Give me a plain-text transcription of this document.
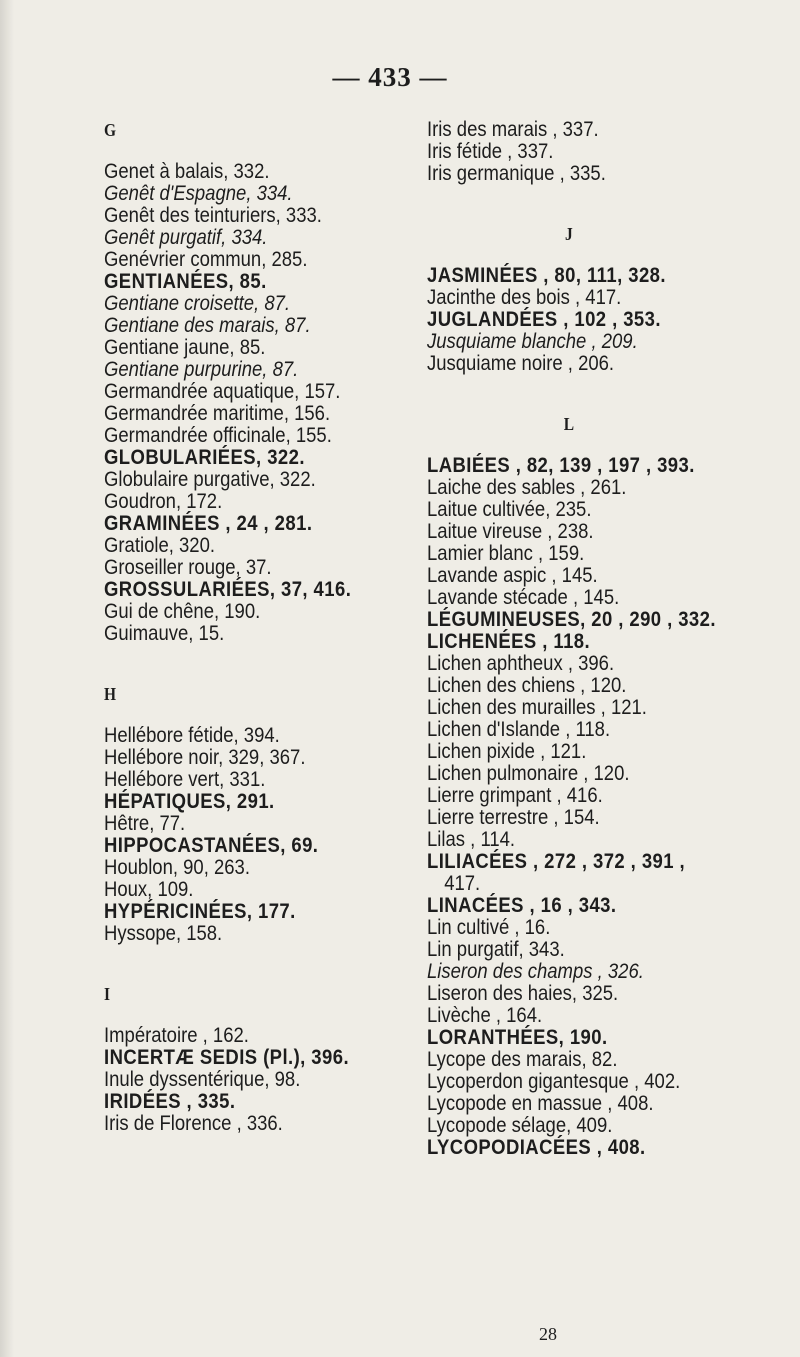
— 433 —
G
Genet à balais, 332.
Genêt d'Espagne, 334.
Genêt des teinturiers, 333.
Genêt purgatif, 334.
Genévrier commun, 285.
GENTIANÉES, 85.
Gentiane croisette, 87.
Gentiane des marais, 87.
Gentiane jaune, 85.
Gentiane purpurine, 87.
Germandrée aquatique, 157.
Germandrée maritime, 156.
Germandrée officinale, 155.
GLOBULARIÉES, 322.
Globulaire purgative, 322.
Goudron, 172.
GRAMINÉES , 24 , 281.
Gratiole, 320.
Groseiller rouge, 37.
GROSSULARIÉES, 37, 416.
Gui de chêne, 190.
Guimauve, 15.
H
Hellébore fétide, 394.
Hellébore noir, 329, 367.
Hellébore vert, 331.
HÉPATIQUES, 291.
Hêtre, 77.
HIPPOCASTANÉES, 69.
Houblon, 90, 263.
Houx, 109.
HYPÉRICINÉES, 177.
Hyssope, 158.
I
Impératoire , 162.
INCERTÆ SEDIS (Pl.), 396.
Inule dyssentérique, 98.
IRIDÉES , 335.
Iris de Florence , 336.
Iris des marais , 337.
Iris fétide , 337.
Iris germanique , 335.
J
JASMINÉES , 80, 111, 328.
Jacinthe des bois , 417.
JUGLANDÉES , 102 , 353.
Jusquiame blanche , 209.
Jusquiame noire , 206.
L
LABIÉES , 82, 139 , 197 , 393.
Laiche des sables , 261.
Laitue cultivée, 235.
Laitue vireuse , 238.
Lamier blanc , 159.
Lavande aspic , 145.
Lavande stécade , 145.
LÉGUMINEUSES, 20 , 290 , 332.
LICHENÉES , 118.
Lichen aphtheux , 396.
Lichen des chiens , 120.
Lichen des murailles , 121.
Lichen d'Islande , 118.
Lichen pixide , 121.
Lichen pulmonaire , 120.
Lierre grimpant , 416.
Lierre terrestre , 154.
Lilas , 114.
LILIACÉES , 272 , 372 , 391 ,
417.
LINACÉES , 16 , 343.
Lin cultivé , 16.
Lin purgatif, 343.
Liseron des champs , 326.
Liseron des haies, 325.
Livèche , 164.
LORANTHÉES, 190.
Lycope des marais, 82.
Lycoperdon gigantesque , 402.
Lycopode en massue , 408.
Lycopode sélage, 409.
LYCOPODIACÉES , 408.
28
